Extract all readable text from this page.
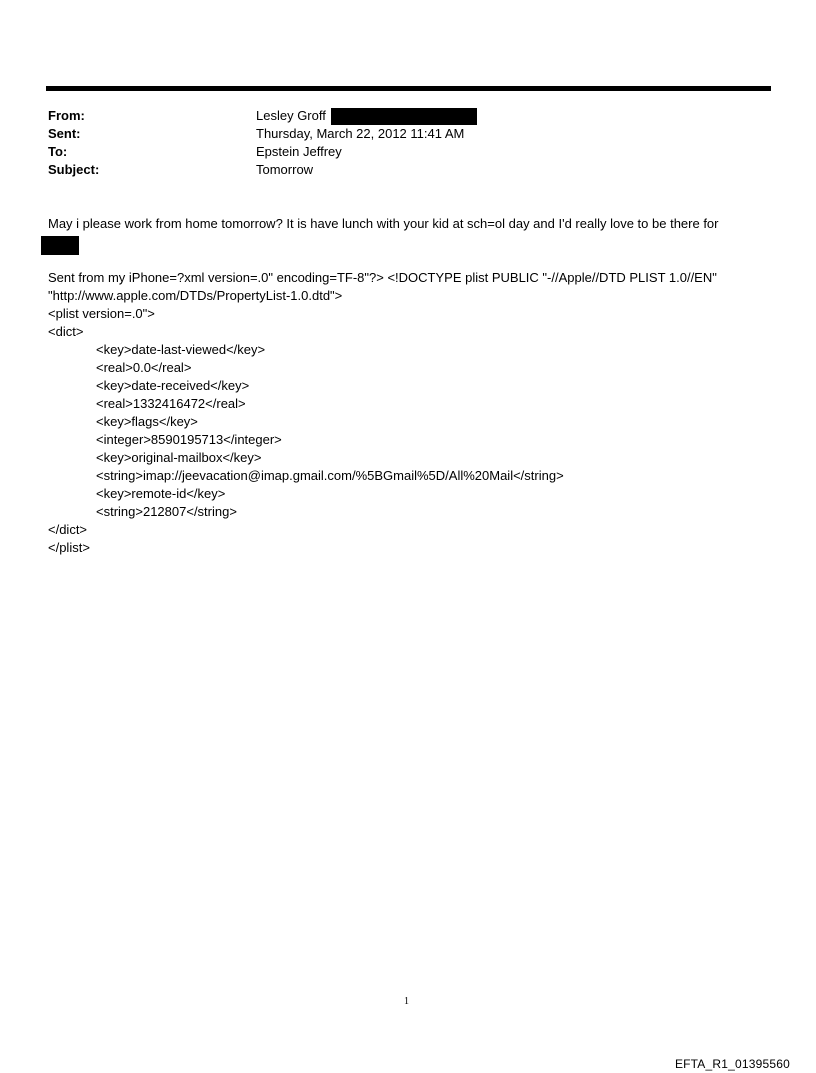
From:	Lesley Groff
Sent:	Thursday, March 22, 2012 11:41 AM
To:	Epstein Jeffrey
Subject:	Tomorrow

May i please work from home tomorrow? It is have lunch with your kid at sch=ol day and I'd really love to be there for

Sent from my iPhone=?xml version=.0" encoding=TF-8"?> <!DOCTYPE plist PUBLIC "-//Apple//DTD PLIST 1.0//EN"

"http://www.apple.com/DTDs/PropertyList-1.0.dtd">

<plist version=.0">

<dict>

<key>date-last-viewed</key>

<real>0.0</real>

<key>date-received</key>

<real>1332416472</real>

<key>flags</key>

<integer>8590195713</integer>

<key>original-mailbox</key>

<string>imap://jeevacation@imap.gmail.com/%5BGmail%5D/All%20Mail</string>

<key>remote-id</key>

<string>212807</string>

</dict>

</plist>

1
EFTA_R1_01395560
